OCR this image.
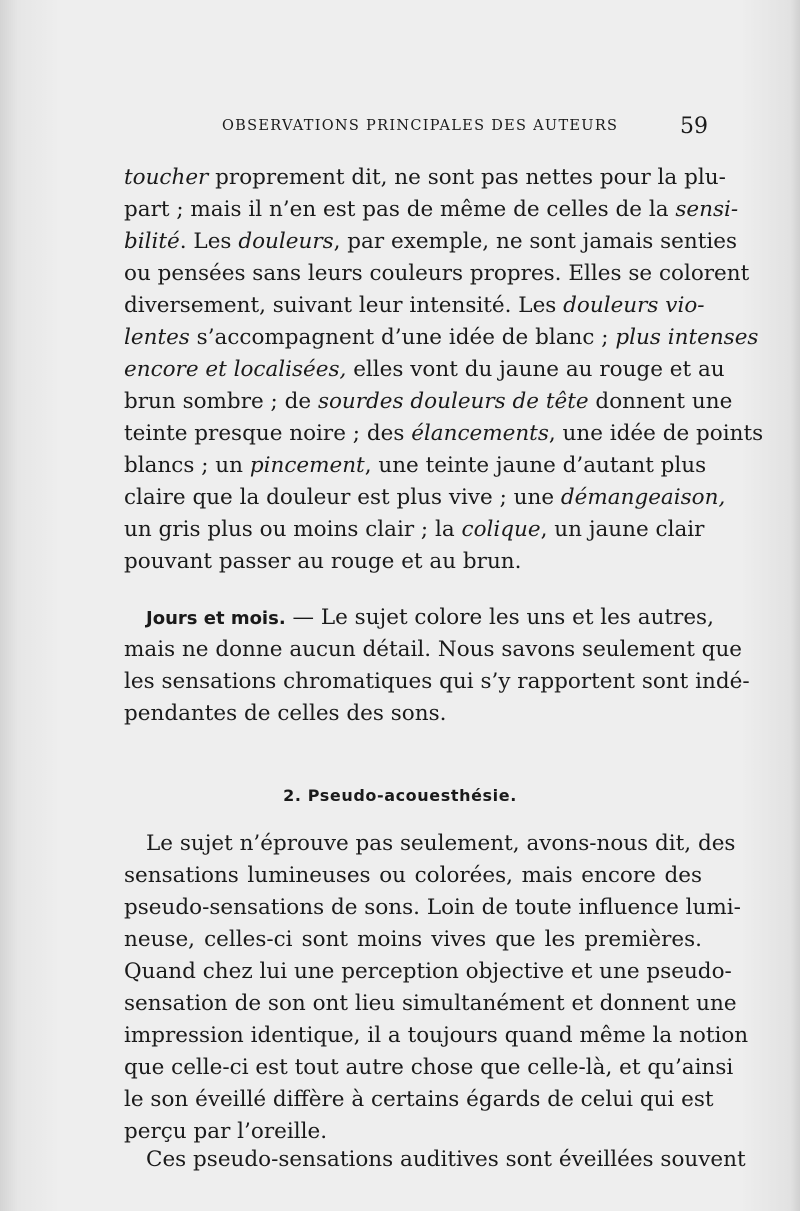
OBSERVATIONS PRINCIPALES DES AUTEURS	59
toucher proprement dit, ne sont pas nettes pour la plu-
part ; mais il n’en est pas de même de celles de la sensi-
bilité. Les douleurs, par exemple, ne sont jamais senties
ou pensées sans leurs couleurs propres. Elles se colorent
diversement, suivant leur intensité. Les douleurs vio-
lentes s’accompagnent d’une idée de blanc ; plus intenses
encore et localisées, elles vont du jaune au rouge et au
brun sombre ; de sourdes douleurs de tête donnent une
teinte presque noire ; des élancements, une idée de points
blancs ; un pincement, une teinte jaune d’autant plus
claire que la douleur est plus vive ; une démangeaison,
un gris plus ou moins clair ; la colique, un jaune clair
pouvant passer au rouge et au brun.
Jours et mois. — Le sujet colore les uns et les autres,
mais ne donne aucun détail. Nous savons seulement que
les sensations chromatiques qui s’y rapportent sont indé-
pendantes de celles des sons.
2. Pseudo-acouesthésie.
Le sujet n’éprouve pas seulement, avons-nous dit, des
sensations lumineuses ou colorées, mais encore des
pseudo-sensations de sons. Loin de toute influence lumi-
neuse, celles-ci sont moins vives que les premières.
Quand chez lui une perception objective et une pseudo-
sensation de son ont lieu simultanément et donnent une
impression identique, il a toujours quand même la notion
que celle-ci est tout autre chose que celle-là, et qu’ainsi
le son éveillé diffère à certains égards de celui qui est
perçu par l’oreille.
Ces pseudo-sensations auditives sont éveillées souvent
